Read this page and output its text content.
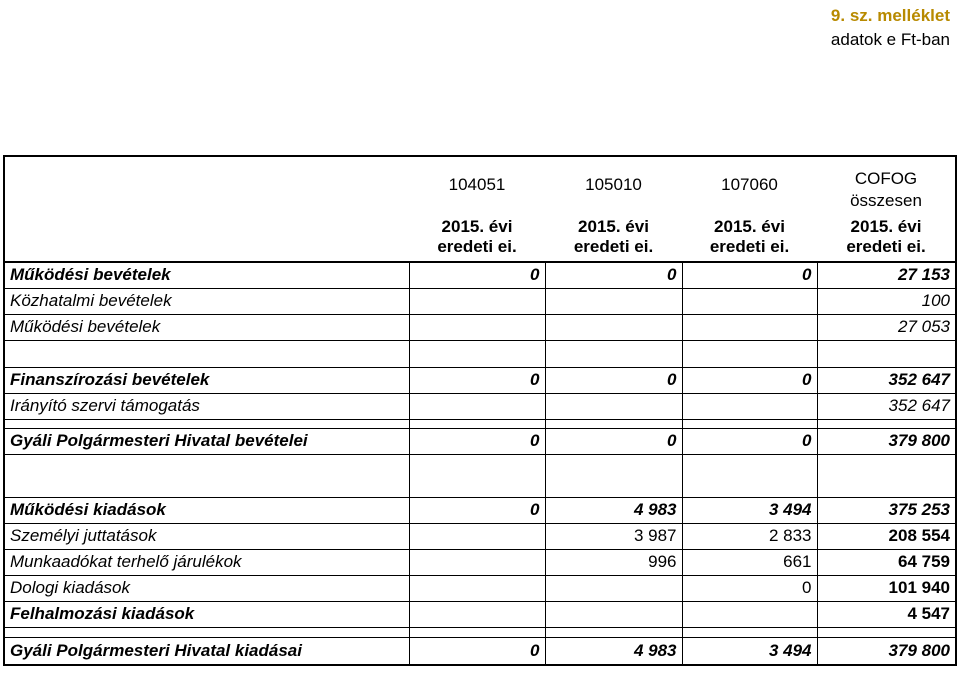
9. sz. melléklet
adatok e Ft-ban
	104051	105010	107060	COFOG összesen
	2015. évi	2015. évi	2015. évi	2015. évi
	eredeti ei.	eredeti ei.	eredeti ei.	eredeti ei.
Működési bevételek	0	0	0	27 153
Közhatalmi bevételek				100
Működési bevételek				27 053

Finanszírozási bevételek	0	0	0	352 647
Irányító szervi támogatás				352 647

Gyáli Polgármesteri Hivatal bevételei	0	0	0	379 800

Működési kiadások	0	4 983	3 494	375 253
Személyi juttatások		3 987	2 833	208 554
Munkaadókat terhelő járulékok		996	661	64 759
Dologi kiadások			0	101 940
Felhalmozási kiadások				4 547

Gyáli Polgármesteri Hivatal kiadásai	0	4 983	3 494	379 800
